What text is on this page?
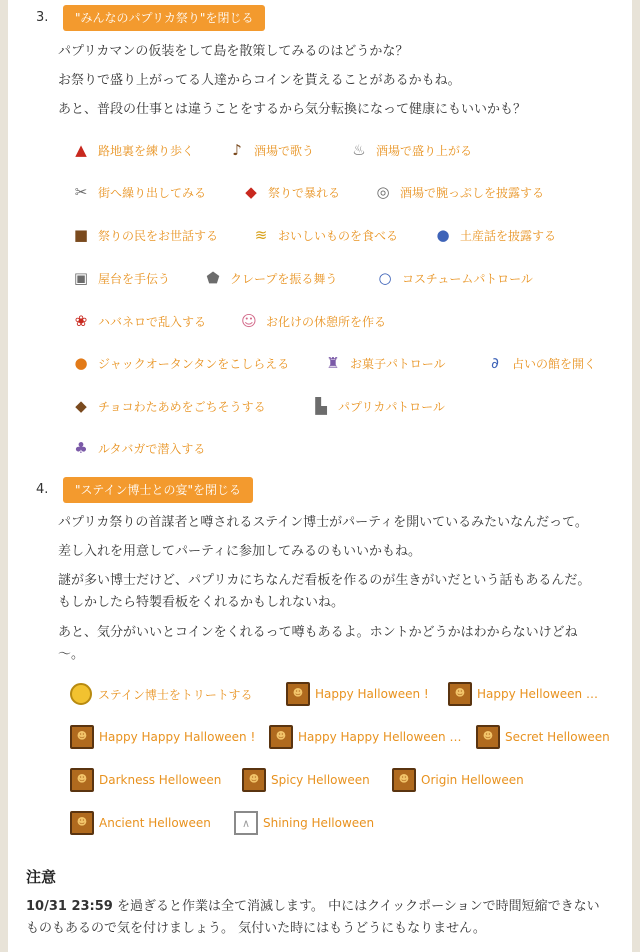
3.	"みんなのパプリカ祭り"を閉じる
パプリカマンの仮装をして島を散策してみるのはどうかな？
お祭りで盛り上がってる人達からコインを貰えることがあるかもね。
あと、普段の仕事とは違うことをするから気分転換になって健康にもいいかも？
▲ 路地裏を練り歩く	♪	酒場で歌う	♨ 酒場で盛り上がる
✂ 街へ繰り出してみる	◆ 祭りで暴れる	◎ 酒場で腕っぷしを披露する
■ 祭りの民をお世話する	≋ おいしいものを食べる	● 土産話を披露する
▣ 屋台を手伝う	⬟ クレープを振る舞う	○ コスチュームパトロール
❀ ハバネロで乱入する	☺ お化けの休憩所を作る
● ジャックオータンタンをこしらえる	♜ お菓子パトロール	∂	占いの館を開く
◆ チョコわたあめをごちそうする	▙ パプリカパトロール
♣ ルタバガで潜入する
4.	"ステイン博士との宴"を閉じる
パプリカ祭りの首謀者と噂されるステイン博士がパーティを開いているみたいなんだって。
差し入れを用意してパーティに参加してみるのもいいかもね。
謎が多い博士だけど、パプリカにちなんだ看板を作るのが生きがいだという話もあるんだ。
もしかしたら特製看板をくれるかもしれないね。
あと、気分がいいとコインをくれるって噂もあるよ。ホントかどうかはわからないけどね
〜。
ステイン博士をトリートする	☻ Happy Halloween !	☻ Happy Helloween …
☻ Happy Happy Halloween !	☻ Happy Happy Helloween …	☻ Secret Helloween
☻ Darkness Helloween	☻ Spicy Helloween	☻ Origin Helloween
☻ Ancient Helloween	∧	Shining Helloween
注意
10/31 23:59 を過ぎると作業は全て消滅します。 中にはクイックポーションで時間短縮できない
ものもあるので気を付けましょう。 気付いた時にはもうどうにもなりません。
